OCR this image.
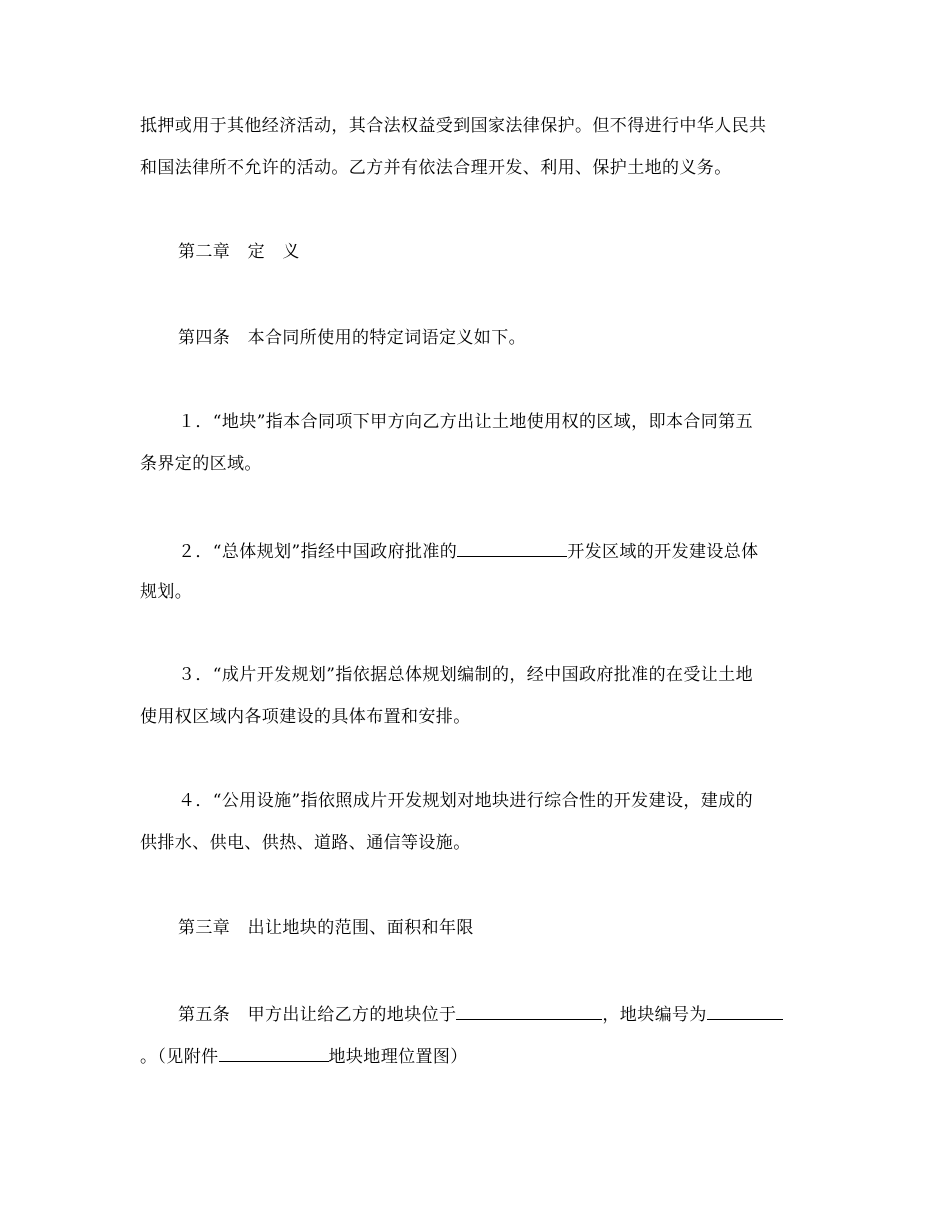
抵押或用于其他经济活动，其合法权益受到国家法律保护。但不得进行中华人民共
和国法律所不允许的活动。乙方并有依法合理开发、利用、保护土地的义务。
第二章　定　义
第四条　本合同所使用的特定词语定义如下。
１．“地块”指本合同项下甲方向乙方出让土地使用权的区域，即本合同第五
条界定的区域。
２．“总体规划”指经中国政府批准的	开发区域的开发建设总体
规划。
３．“成片开发规划”指依据总体规划编制的，经中国政府批准的在受让土地
使用权区域内各项建设的具体布置和安排。
４．“公用设施”指依照成片开发规划对地块进行综合性的开发建设，建成的
供排水、供电、供热、道路、通信等设施。
第三章　出让地块的范围、面积和年限
第五条　甲方出让给乙方的地块位于	，地块编号为
。（见附件	地块地理位置图）
